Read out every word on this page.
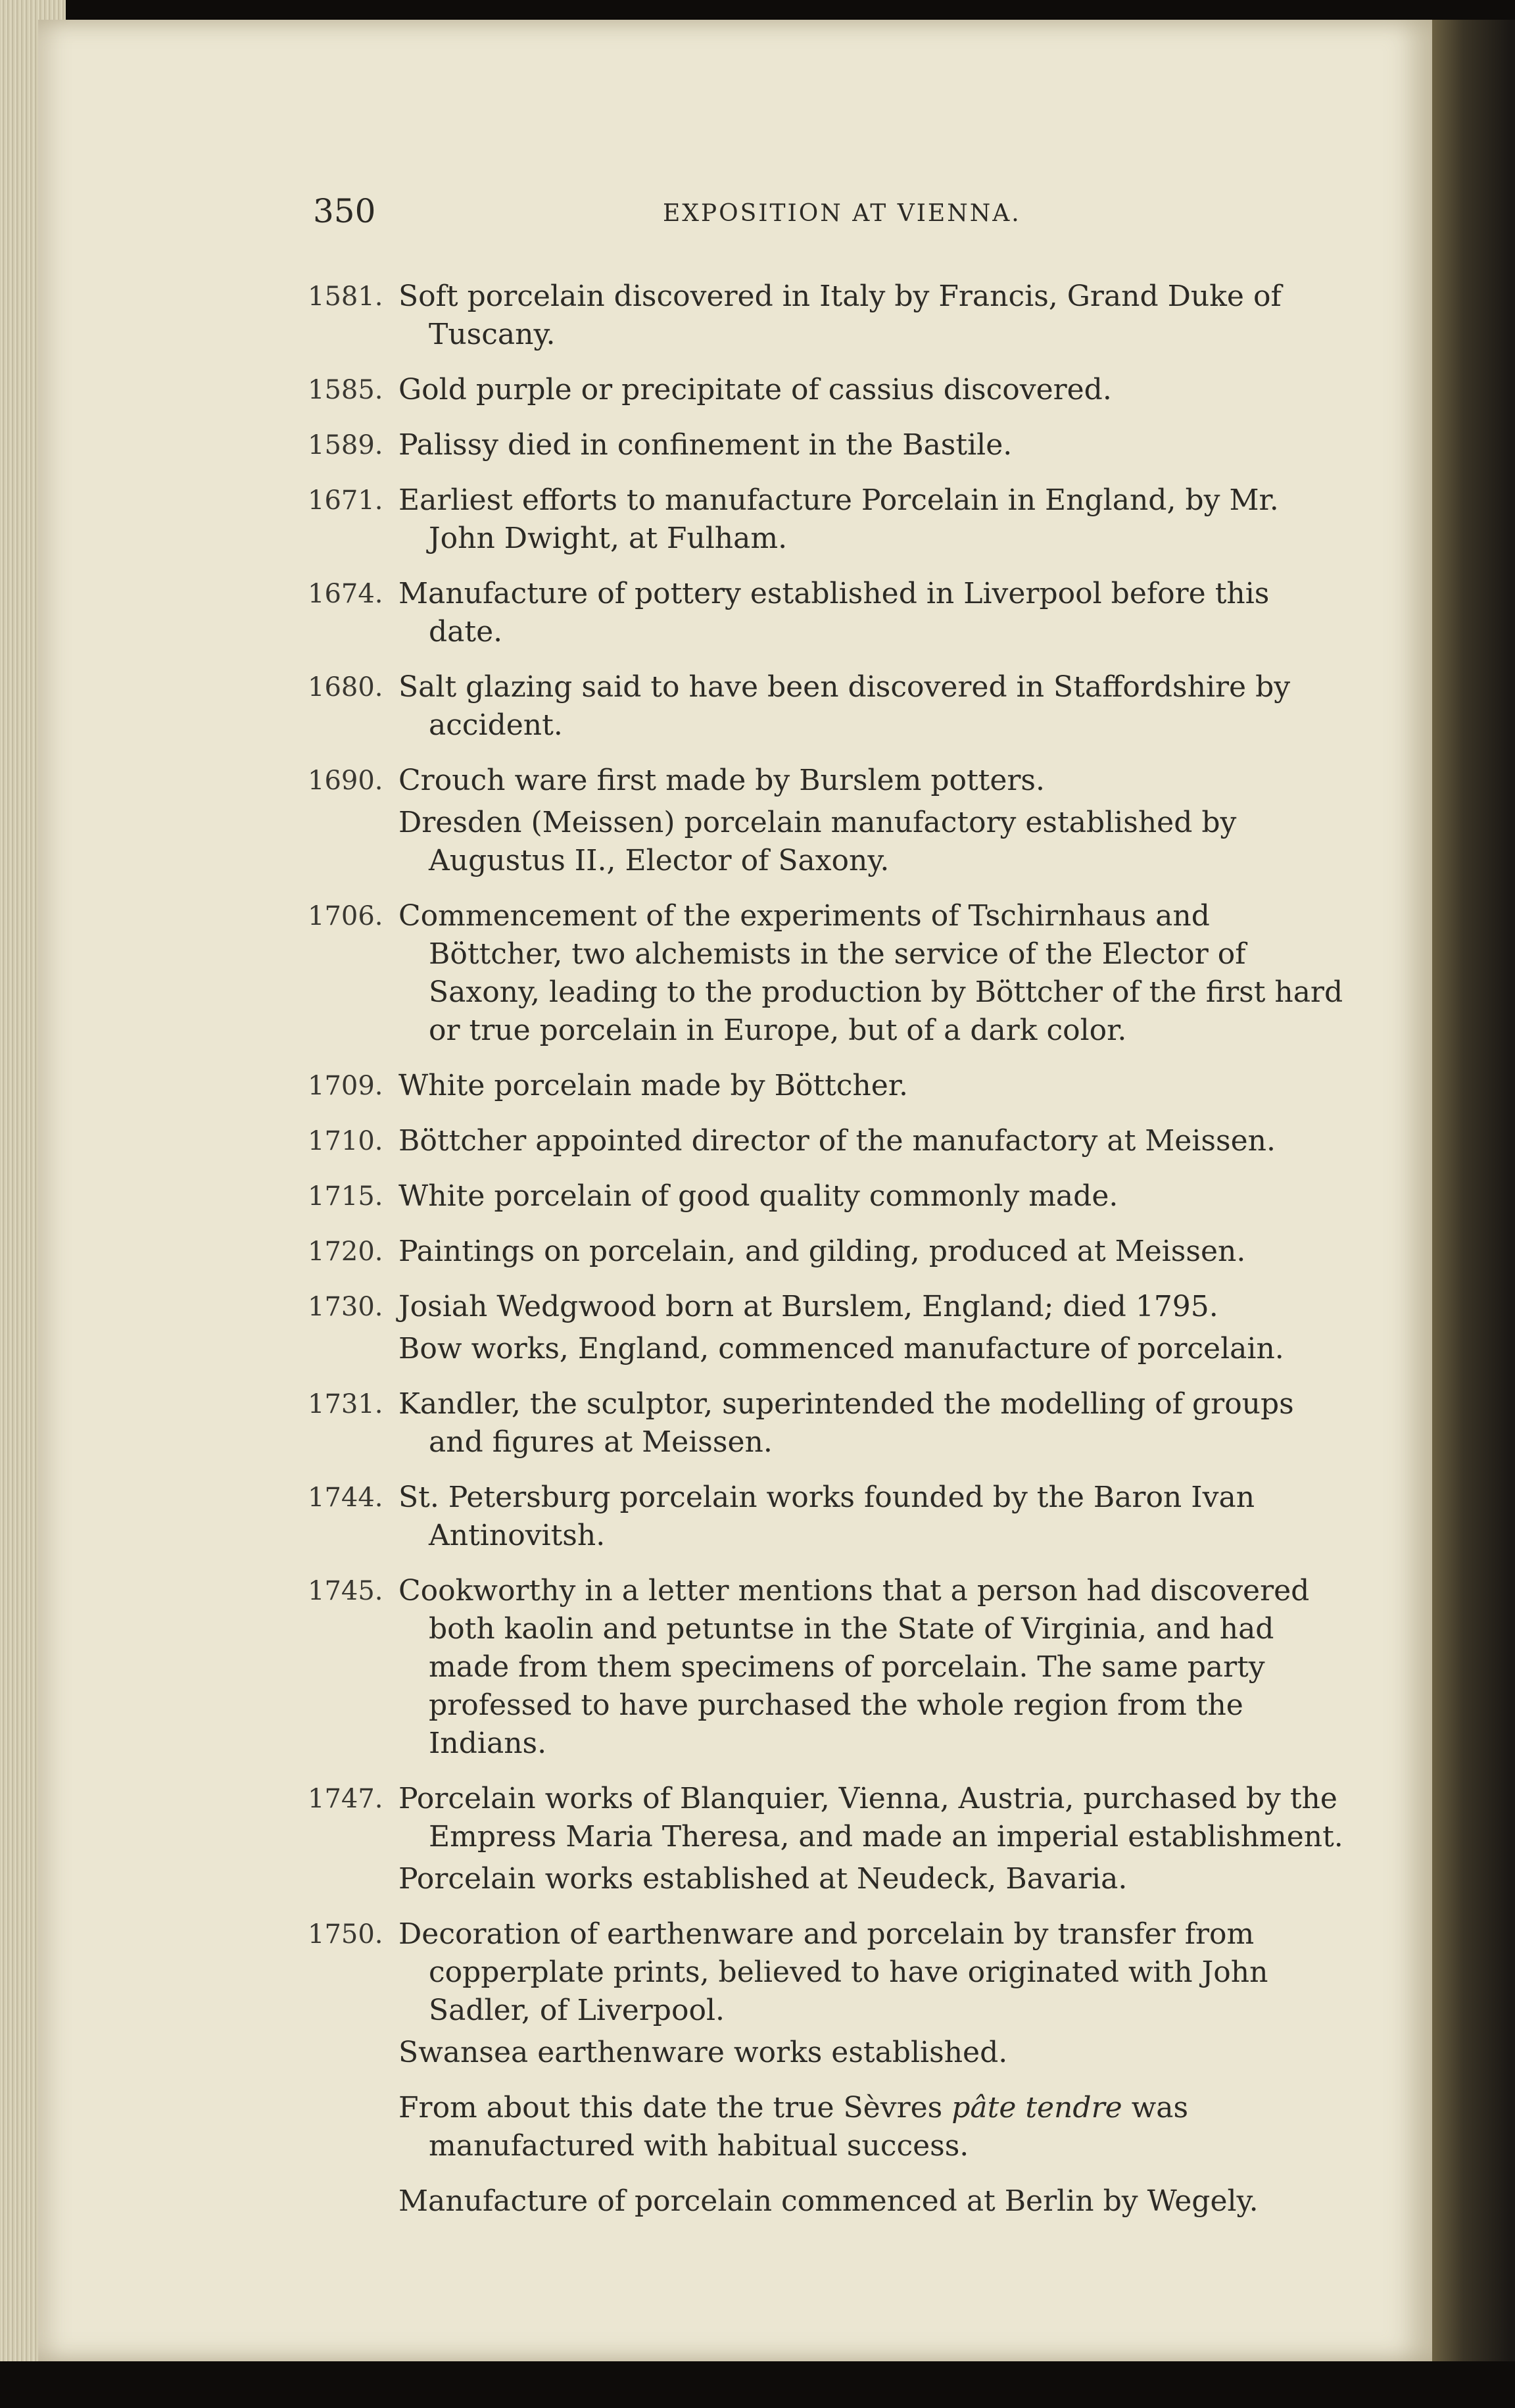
350	EXPOSITION AT VIENNA.
1581. Soft porcelain discovered in Italy by Francis, Grand Duke of Tuscany.
1585. Gold purple or precipitate of cassius discovered.
1589. Palissy died in confinement in the Bastile.
1671. Earliest efforts to manufacture Porcelain in England, by Mr. John Dwight, at Fulham.
1674. Manufacture of pottery established in Liverpool before this date.
1680. Salt glazing said to have been discovered in Staffordshire by accident.
1690. Crouch ware first made by Burslem potters.
Dresden (Meissen) porcelain manufactory established by Augustus II., Elector of Saxony.
1706. Commencement of the experiments of Tschirnhaus and Böttcher, two alchemists in the service of the Elector of Saxony, leading to the production by Böttcher of the first hard or true porcelain in Europe, but of a dark color.
1709. White porcelain made by Böttcher.
1710. Böttcher appointed director of the manufactory at Meissen.
1715. White porcelain of good quality commonly made.
1720. Paintings on porcelain, and gilding, produced at Meissen.
1730. Josiah Wedgwood born at Burslem, England; died 1795.
Bow works, England, commenced manufacture of porcelain.
1731. Kandler, the sculptor, superintended the modelling of groups and figures at Meissen.
1744. St. Petersburg porcelain works founded by the Baron Ivan Antinovitsh.
1745. Cookworthy in a letter mentions that a person had discovered both kaolin and petuntse in the State of Virginia, and had made from them specimens of porcelain. The same party professed to have purchased the whole region from the Indians.
1747. Porcelain works of Blanquier, Vienna, Austria, purchased by the Empress Maria Theresa, and made an imperial establishment.
Porcelain works established at Neudeck, Bavaria.
1750. Decoration of earthenware and porcelain by transfer from copperplate prints, believed to have originated with John Sadler, of Liverpool.
Swansea earthenware works established.
From about this date the true Sèvres pâte tendre was manufactured with habitual success.
Manufacture of porcelain commenced at Berlin by Wegely.
